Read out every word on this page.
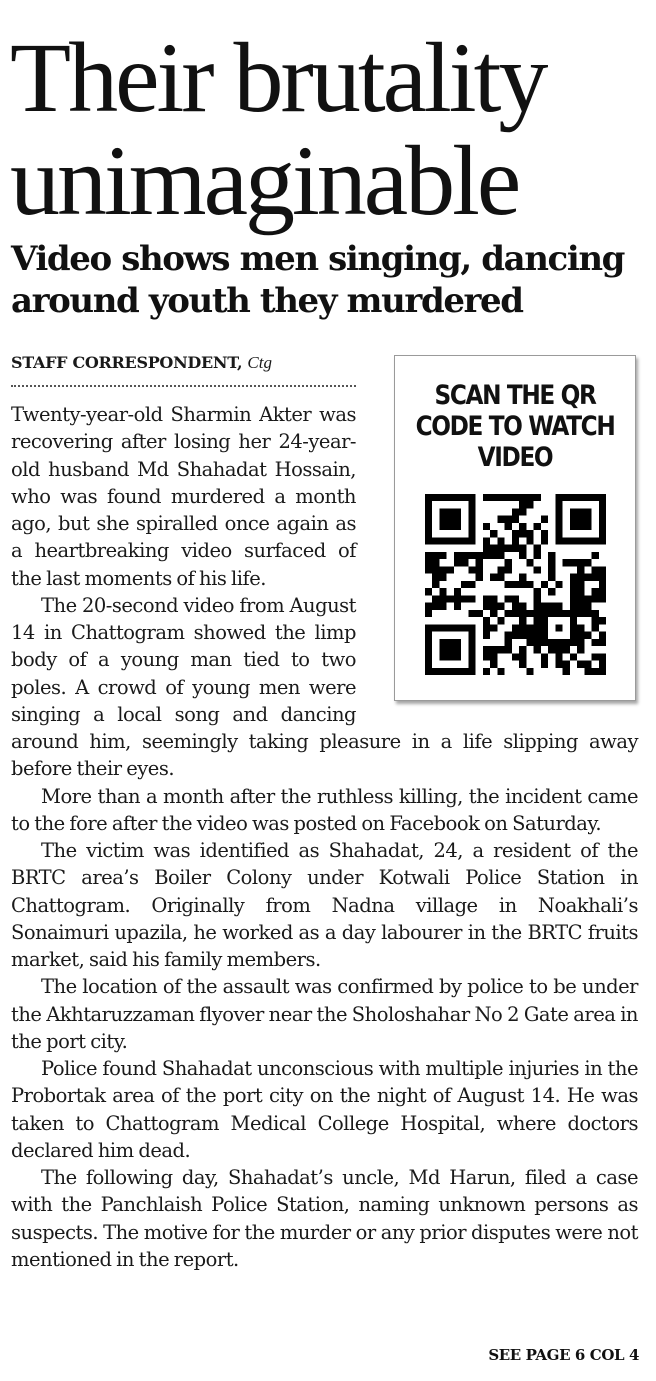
Their brutality unimaginable
Video shows men singing, dancing around youth they murdered
STAFF CORRESPONDENT, Ctg

Twenty-year-old Sharmin Akter was recovering after losing her 24-year-old husband Md Shahadat Hossain, who was found murdered a month ago, but she spiralled once again as a heartbreaking video surfaced of the last moments of his life.

The 20-second video from August 14 in Chattogram showed the limp body of a young man tied to two poles. A crowd of young men were singing a local song and dancing around him, seemingly taking pleasure in a life slipping away before their eyes.

More than a month after the ruthless killing, the incident came to the fore after the video was posted on Facebook on Saturday.

The victim was identified as Shahadat, 24, a resident of the BRTC area’s Boiler Colony under Kotwali Police Station in Chattogram. Originally from Nadna village in Noakhali’s Sonaimuri upazila, he worked as a day labourer in the BRTC fruits market, said his family members.

The location of the assault was confirmed by police to be under the Akhtaruzzaman flyover near the Sholoshahar No 2 Gate area in the port city.

Police found Shahadat unconscious with multiple injuries in the Probortak area of the port city on the night of August 14. He was taken to Chattogram Medical College Hospital, where doctors declared him dead.

The following day, Shahadat’s uncle, Md Harun, filed a case with the Panchlaish Police Station, naming unknown persons as suspects. The motive for the murder or any prior disputes were not mentioned in the report.

SCAN THE QR CODE TO WATCH VIDEO
SEE PAGE 6 COL 4
